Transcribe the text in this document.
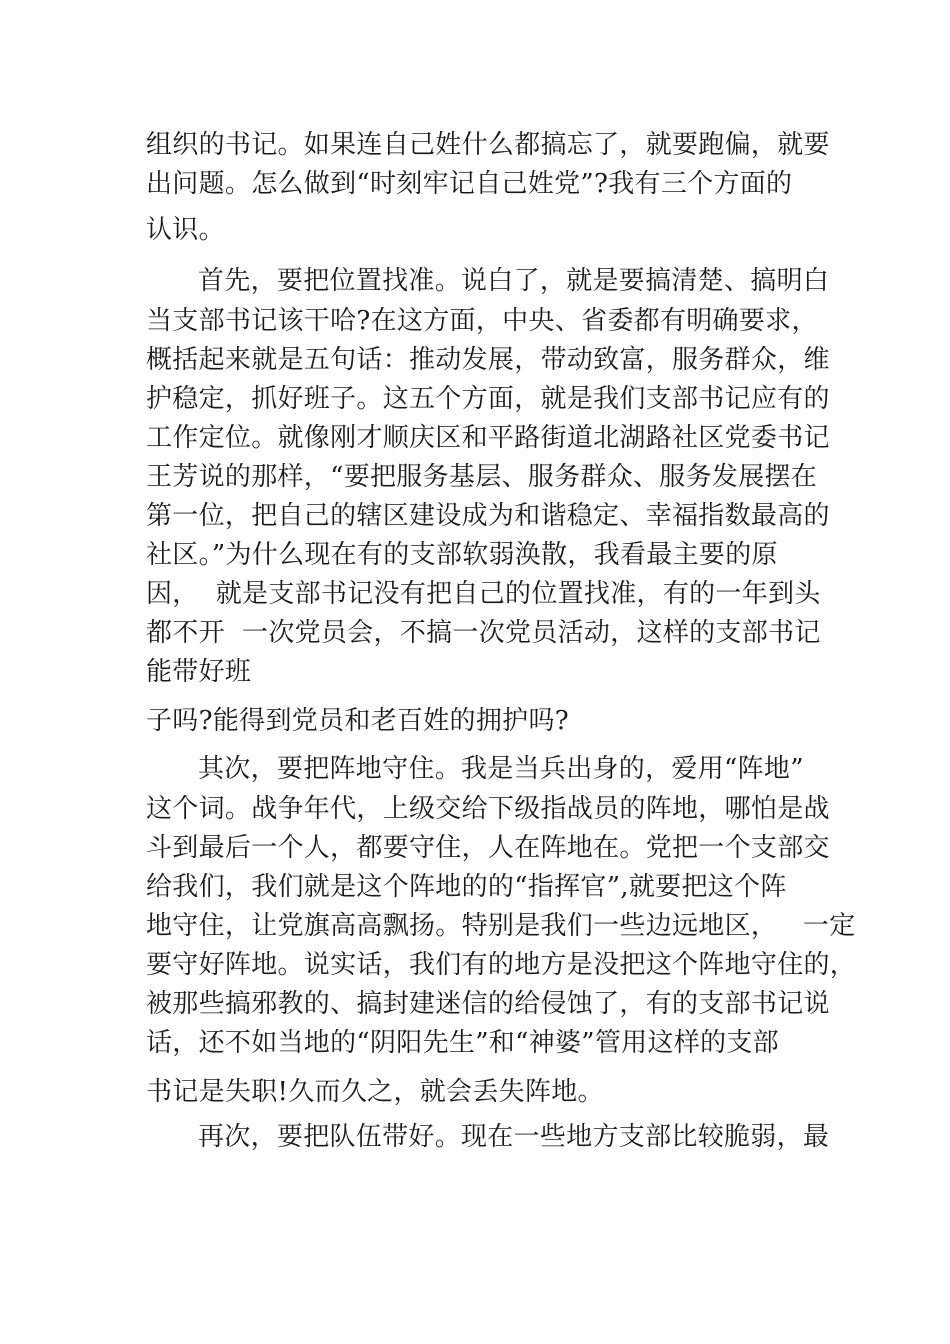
组织的书记。如果连自己姓什么都搞忘了，就要跑偏，就要
出问题。怎么做到“时刻牢记自己姓党”?我有三个方面的
认识。
首先，要把位置找准。说白了，就是要搞清楚、搞明白
当支部书记该干哈?在这方面，中央、省委都有明确要求，
概括起来就是五句话：推动发展，带动致富，服务群众，维
护稳定，抓好班子。这五个方面，就是我们支部书记应有的
工作定位。就像刚才顺庆区和平路街道北湖路社区党委书记
王芳说的那样，“要把服务基层、服务群众、服务发展摆在
第一位，把自己的辖区建设成为和谐稳定、幸福指数最高的
社区。”为什么现在有的支部软弱涣散，我看最主要的原
因，  就是支部书记没有把自己的位置找准，有的一年到头
都不开  一次党员会，不搞一次党员活动，这样的支部书记
能带好班
子吗?能得到党员和老百姓的拥护吗?
其次，要把阵地守住。我是当兵出身的，爱用“阵地”
这个词。战争年代，上级交给下级指战员的阵地，哪怕是战
斗到最后一个人，都要守住，人在阵地在。党把一个支部交
给我们，我们就是这个阵地的的“指挥官”,就要把这个阵
地守住，让党旗高高飘扬。特别是我们一些边远地区，   一定
要守好阵地。说实话，我们有的地方是没把这个阵地守住的，
被那些搞邪教的、搞封建迷信的给侵蚀了，有的支部书记说
话，还不如当地的“阴阳先生”和“神婆”管用这样的支部
书记是失职!久而久之，就会丢失阵地。
再次，要把队伍带好。现在一些地方支部比较脆弱，最
